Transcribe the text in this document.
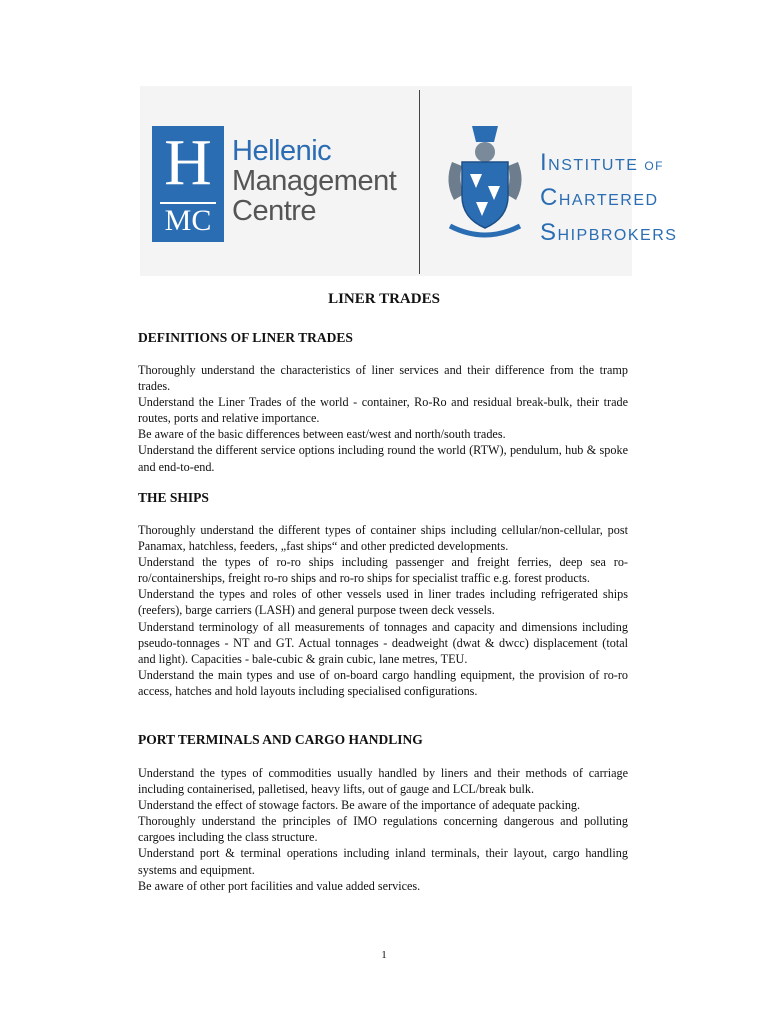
H
MC
Hellenic
Management
Centre
INSTITUTE OF
CHARTERED
SHIPBROKERS
LINER TRADES
DEFINITIONS OF LINER TRADES

Thoroughly understand the characteristics of liner services and their difference from the tramp trades.

Understand the Liner Trades of the world - container, Ro-Ro and residual break-bulk, their trade routes, ports and relative importance.

Be aware of the basic differences between east/west and north/south trades.

Understand the different service options including round the world (RTW), pendulum, hub & spoke and end-to-end.

THE SHIPS

Thoroughly understand the different types of container ships including cellular/non-cellular, post Panamax, hatchless, feeders, „fast ships“ and other predicted developments.

Understand the types of ro-ro ships including passenger and freight ferries, deep sea ro-ro/containerships, freight ro-ro ships and ro-ro ships for specialist traffic e.g. forest products.

Understand the types and roles of other vessels used in liner trades including refrigerated ships (reefers), barge carriers (LASH) and general purpose tween deck vessels.

Understand terminology of all measurements of tonnages and capacity and dimensions including pseudo-tonnages - NT and GT. Actual tonnages - deadweight (dwat & dwcc) displacement (total and light). Capacities - bale-cubic & grain cubic, lane metres, TEU.

Understand the main types and use of on-board cargo handling equipment, the provision of ro-ro access, hatches and hold layouts including specialised configurations.

PORT TERMINALS AND CARGO HANDLING

Understand the types of commodities usually handled by liners and their methods of carriage including containerised, palletised, heavy lifts, out of gauge and LCL/break bulk.

Understand the effect of stowage factors. Be aware of the importance of adequate packing.

Thoroughly understand the principles of IMO regulations concerning dangerous and polluting cargoes including the class structure.

Understand port & terminal operations including inland terminals, their layout, cargo handling systems and equipment.

Be aware of other port facilities and value added services.

1
